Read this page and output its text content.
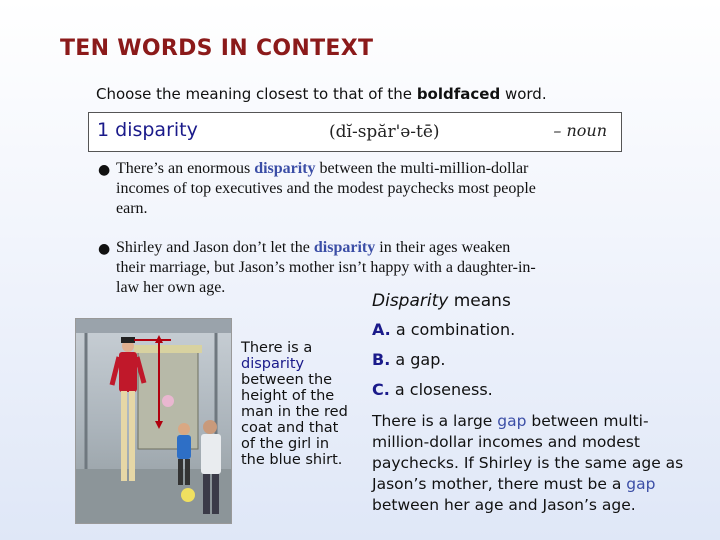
TEN WORDS IN CONTEXT
Choose the meaning closest to that of the boldfaced word.
1 disparity	(dĭ-spăr'ə-tē)	– noun
● There’s an enormous disparity between the multi-million-dollar
incomes of top executives and the modest paychecks most people
earn.
● Shirley and Jason don’t let the disparity in their ages weaken
their marriage, but Jason’s mother isn’t happy with a daughter-in-
law her own age.
Disparity means
A. a combination.
B. a gap.
C. a closeness.
There is a large gap between multi-million-dollar incomes and modest paychecks. If Shirley is the same age as Jason’s mother, there must be a gap between her age and Jason’s age.
There is a
disparity
between the
height of the
man in the red
coat and that
of the girl in
the blue shirt.
